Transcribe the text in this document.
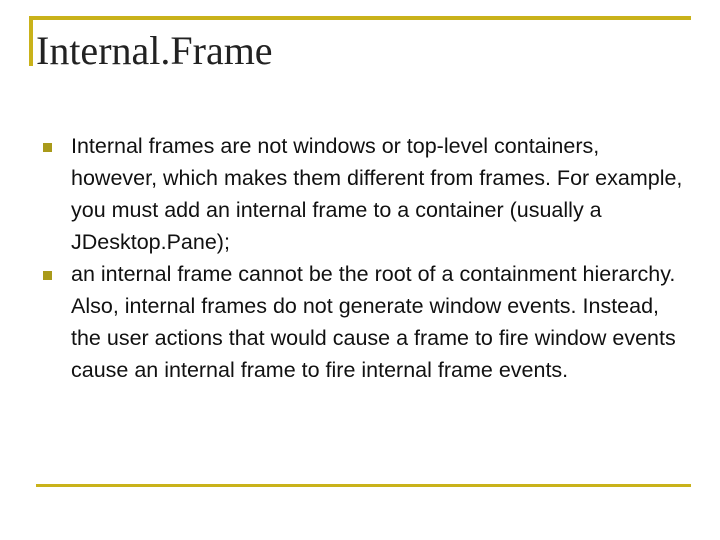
Internal.Frame
Internal frames are not windows or top-level containers, however, which makes them different from frames. For example, you must add an internal frame to a container (usually a JDesktop.Pane);
an internal frame cannot be the root of a containment hierarchy. Also, internal frames do not generate window events. Instead, the user actions that would cause a frame to fire window events cause an internal frame to fire internal frame events.
